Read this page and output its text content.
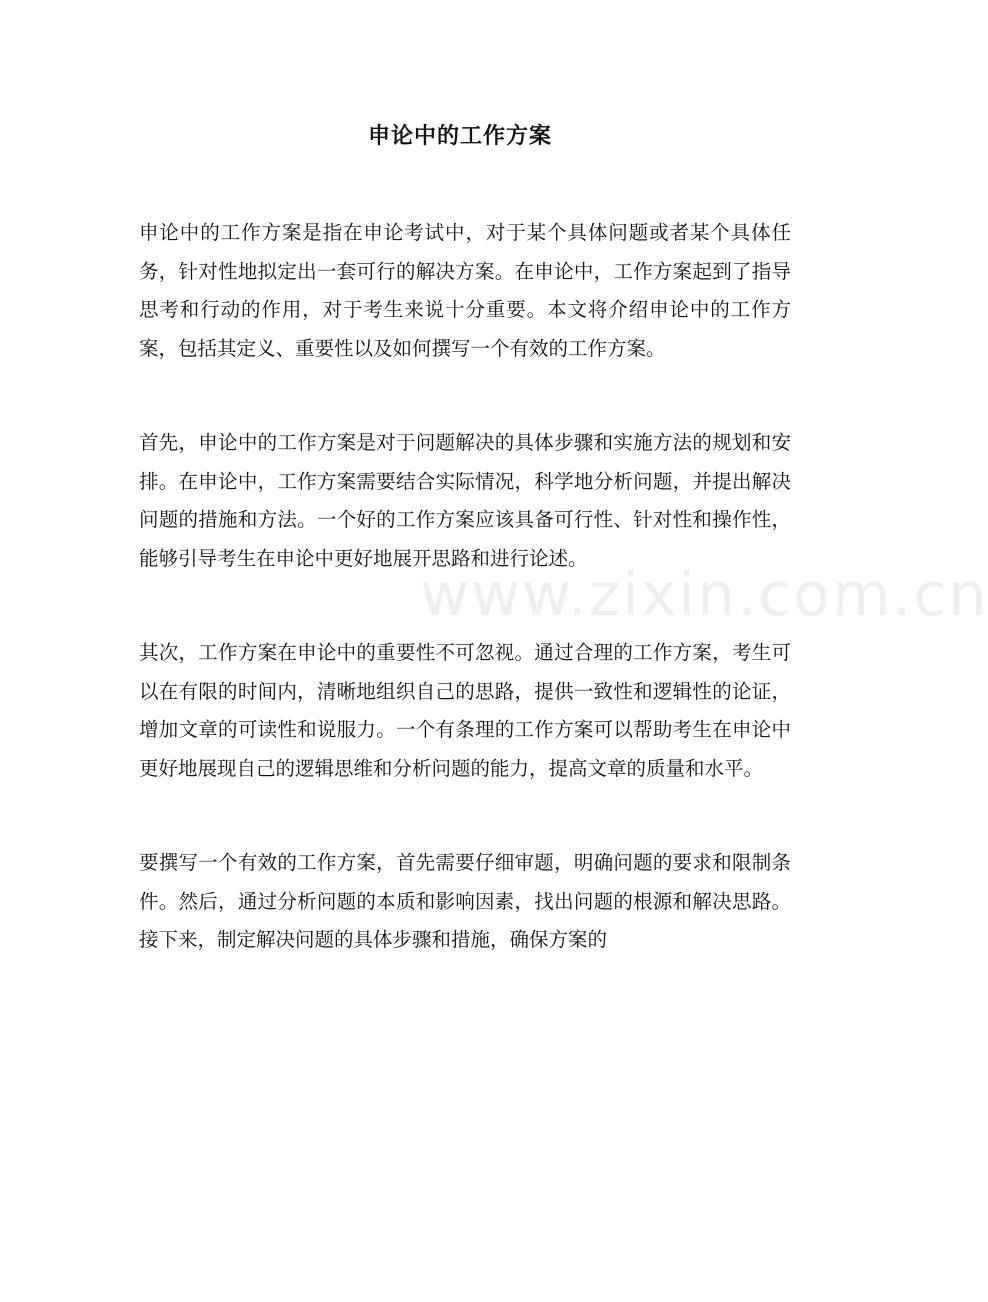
申论中的工作方案

申论中的工作方案是指在申论考试中，对于某个具体问题或者某个具体任务，针对性地拟定出一套可行的解决方案。在申论中，工作方案起到了指导思考和行动的作用，对于考生来说十分重要。本文将介绍申论中的工作方案，包括其定义、重要性以及如何撰写一个有效的工作方案。

首先，申论中的工作方案是对于问题解决的具体步骤和实施方法的规划和安排。在申论中，工作方案需要结合实际情况，科学地分析问题，并提出解决问题的措施和方法。一个好的工作方案应该具备可行性、针对性和操作性，能够引导考生在申论中更好地展开思路和进行论述。

其次，工作方案在申论中的重要性不可忽视。通过合理的工作方案，考生可以在有限的时间内，清晰地组织自己的思路，提供一致性和逻辑性的论证，增加文章的可读性和说服力。一个有条理的工作方案可以帮助考生在申论中更好地展现自己的逻辑思维和分析问题的能力，提高文章的质量和水平。

要撰写一个有效的工作方案，首先需要仔细审题，明确问题的要求和限制条件。然后，通过分析问题的本质和影响因素，找出问题的根源和解决思路。接下来，制定解决问题的具体步骤和措施，确保方案的

www.zixin.com.cn
